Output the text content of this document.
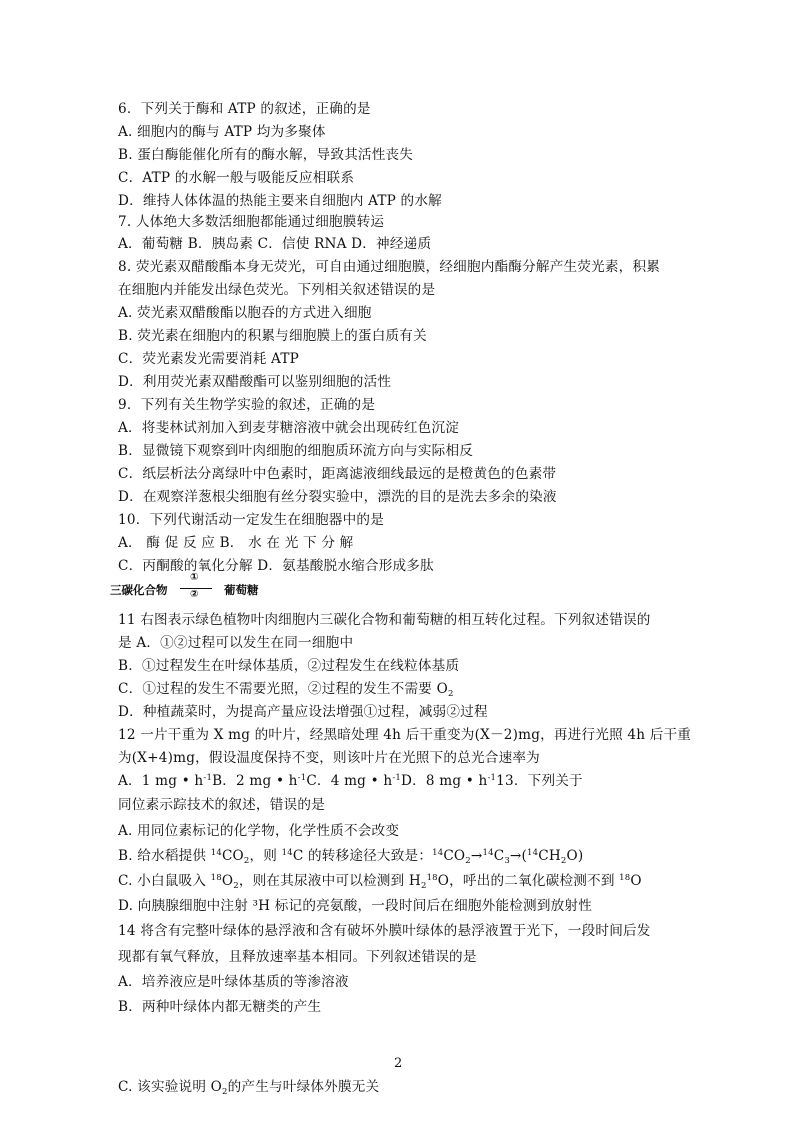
6．下列关于酶和 ATP 的叙述，正确的是
A. 细胞内的酶与 ATP 均为多聚体
B. 蛋白酶能催化所有的酶水解，导致其活性丧失
C．ATP 的水解一般与吸能反应相联系
D．维持人体体温的热能主要来自细胞内 ATP 的水解
7. 人体绝大多数活细胞都能通过细胞膜转运
A．葡萄糖 B．胰岛素 C．信使 RNA D．神经递质
8. 荧光素双醋酸酯本身无荧光，可自由通过细胞膜，经细胞内酯酶分解产生荧光素，积累
在细胞内并能发出绿色荧光。下列相关叙述错误的是
A. 荧光素双醋酸酯以胞吞的方式进入细胞
B. 荧光素在细胞内的积累与细胞膜上的蛋白质有关
C．荧光素发光需要消耗 ATP
D．利用荧光素双醋酸酯可以鉴别细胞的活性
9．下列有关生物学实验的叙述，正确的是
A．将斐林试剂加入到麦芽糖溶液中就会出现砖红色沉淀
B．显微镜下观察到叶肉细胞的细胞质环流方向与实际相反
C．纸层析法分离绿叶中色素时，距离滤液细线最远的是橙黄色的色素带
D．在观察洋葱根尖细胞有丝分裂实验中，漂洗的目的是洗去多余的染液
10．下列代谢活动一定发生在细胞器中的是
A． 酶 促 反 应 B． 水 在 光 下 分 解
C．丙酮酸的氧化分解 D．氨基酸脱水缩合形成多肽
三碳化合物
①
② 葡萄糖
11 右图表示绿色植物叶肉细胞内三碳化合物和葡萄糖的相互转化过程。下列叙述错误的
是 A．①②过程可以发生在同一细胞中
B．①过程发生在叶绿体基质，②过程发生在线粒体基质
C．①过程的发生不需要光照，②过程的发生不需要 $O_2$
D．种植蔬菜时，为提高产量应设法增强①过程，减弱②过程
12 一片干重为 X mg 的叶片，经黑暗处理 4h 后干重变为(X－2)mg，再进行光照 4h 后干重
为(X+4)mg，假设温度保持不变，则该叶片在光照下的总光合速率为
A．1 mg • $h^{-1}B$．2 mg • $h^{-1}C$．4 mg • $h^{-1}D$．8 mg • $h^{-1}13$．下列关于
同位素示踪技术的叙述，错误的是
A. 用同位素标记的化学物，化学性质不会改变
B. 给水稻提供 $^{14}CO_2$，则 $^{14}$C 的转移途径大致是：$^{14}CO_2\to^{14}C_3\to(^{14}CH_2O)$
C. 小白鼠吸入 $^{18}O_2$，则在其尿液中可以检测到 $H_2^{18}O$，呼出的二氧化碳检测不到 $^{18}$O
D. 向胰腺细胞中注射 ³H 标记的亮氨酸，一段时间后在细胞外能检测到放射性
14 将含有完整叶绿体的悬浮液和含有破坏外膜叶绿体的悬浮液置于光下，一段时间后发
现都有氧气释放，且释放速率基本相同。下列叙述错误的是
A．培养液应是叶绿体基质的等渗溶液
B．两种叶绿体内都无糖类的产生
2
C. 该实验说明 $O_2$的产生与叶绿体外膜无关
